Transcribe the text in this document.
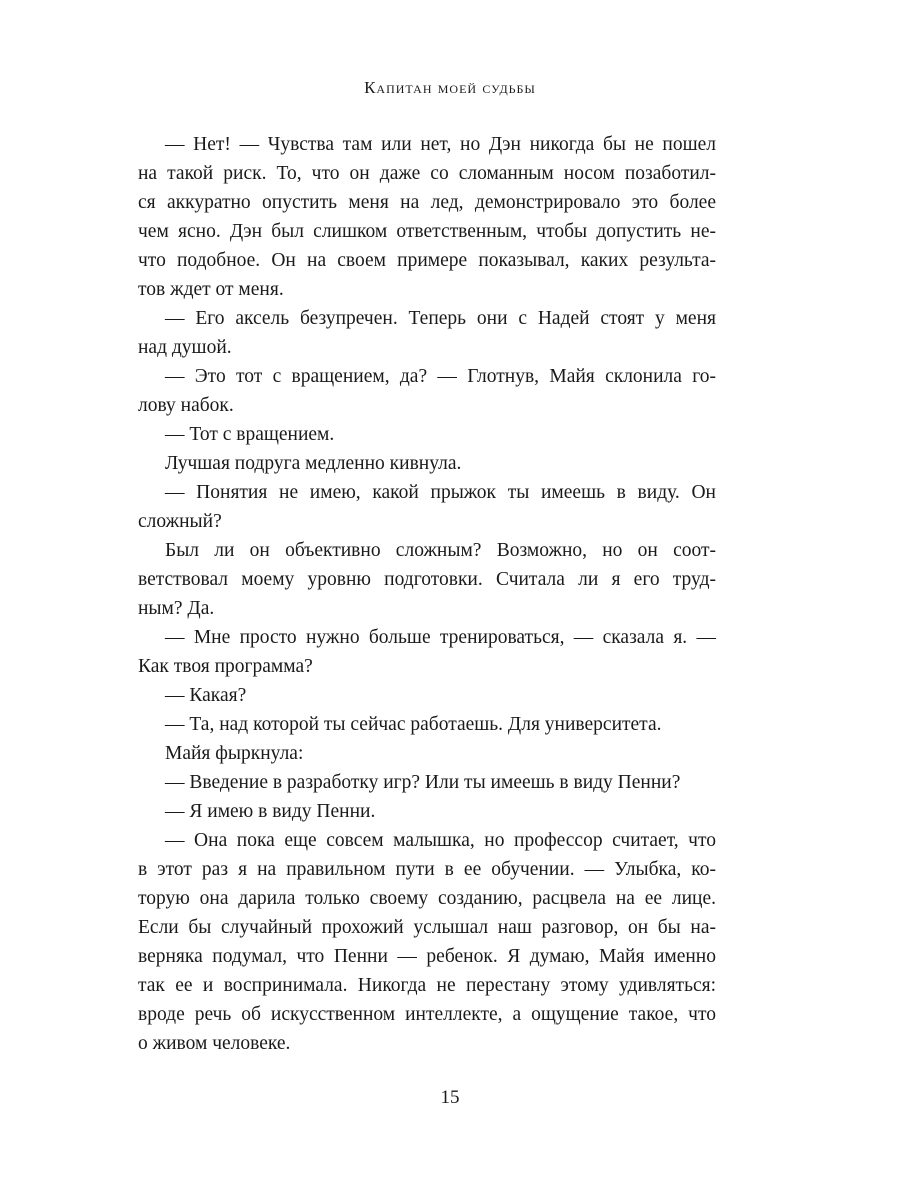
Капитан моей судьбы
— Нет! — Чувства там или нет, но Дэн никогда бы не пошел
на такой риск. То, что он даже со сломанным носом позаботил-
ся аккуратно опустить меня на лед, демонстрировало это более
чем ясно. Дэн был слишком ответственным, чтобы допустить не-
что подобное. Он на своем примере показывал, каких результа-
тов ждет от меня.
— Его аксель безупречен. Теперь они с Надей стоят у меня
над душой.
— Это тот с вращением, да? — Глотнув, Майя склонила го-
лову набок.
— Тот с вращением.
Лучшая подруга медленно кивнула.
— Понятия не имею, какой прыжок ты имеешь в виду. Он
сложный?
Был ли он объективно сложным? Возможно, но он соот-
ветствовал моему уровню подготовки. Считала ли я его труд-
ным? Да.
— Мне просто нужно больше тренироваться, — сказала я. —
Как твоя программа?
— Какая?
— Та, над которой ты сейчас работаешь. Для университета.
Майя фыркнула:
— Введение в разработку игр? Или ты имеешь в виду Пенни?
— Я имею в виду Пенни.
— Она пока еще совсем малышка, но профессор считает, что
в этот раз я на правильном пути в ее обучении. — Улыбка, ко-
торую она дарила только своему созданию, расцвела на ее лице.
Если бы случайный прохожий услышал наш разговор, он бы на-
верняка подумал, что Пенни — ребенок. Я думаю, Майя именно
так ее и воспринимала. Никогда не перестану этому удивляться:
вроде речь об искусственном интеллекте, а ощущение такое, что
о живом человеке.
15
